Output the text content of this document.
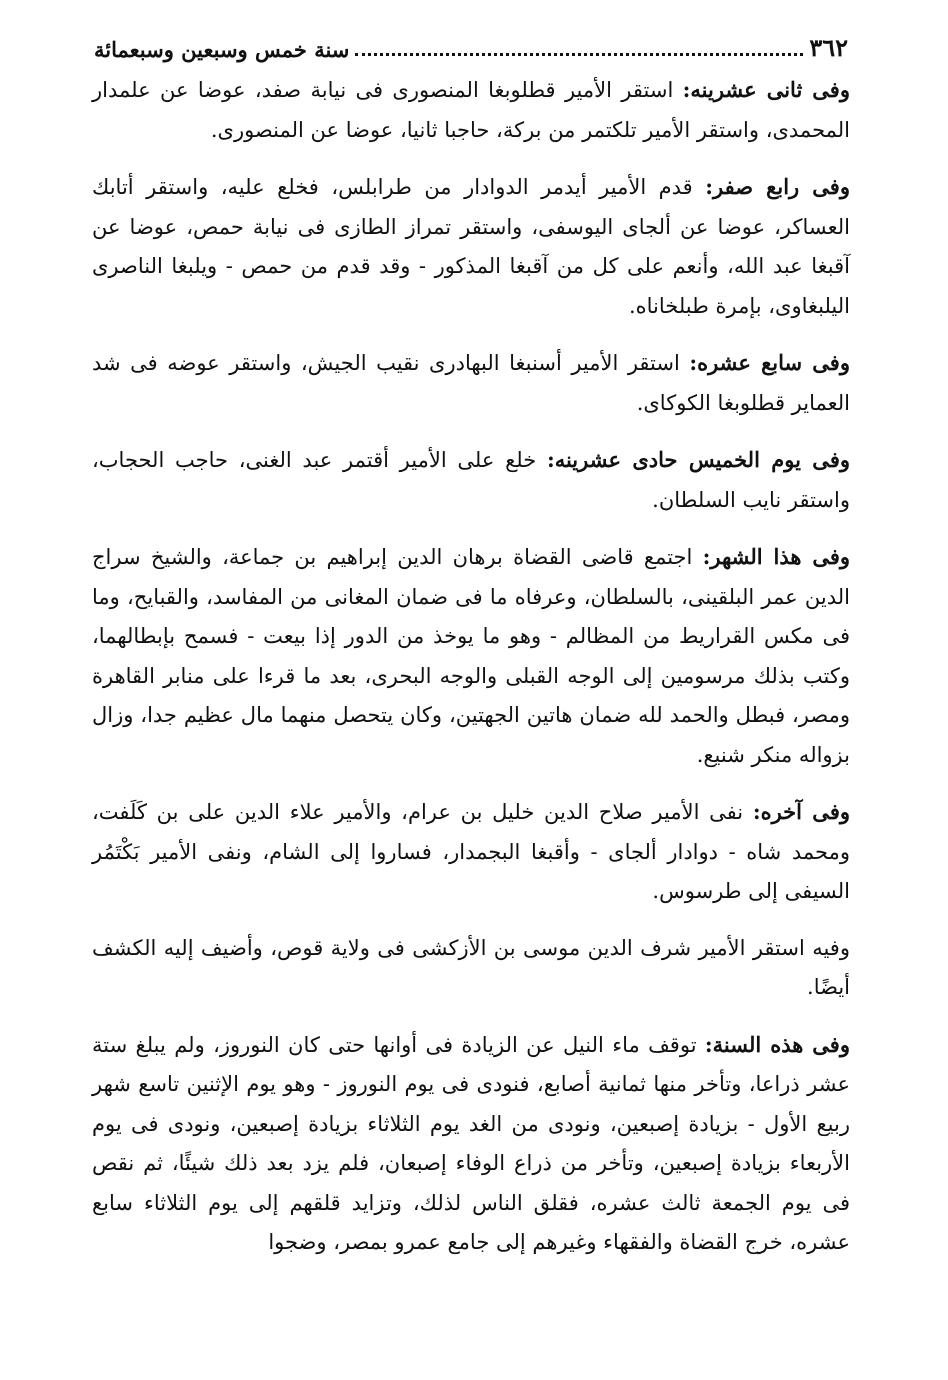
٣٦٢
سنة خمس وسبعين وسبعمائة

وفى ثانى عشرينه: استقر الأمير قطلوبغا المنصورى فى نيابة صفد، عوضا عن علمدار المحمدى، واستقر الأمير تلكتمر من بركة، حاجبا ثانيا، عوضا عن المنصورى.

وفى رابع صفر: قدم الأمير أيدمر الدوادار من طرابلس، فخلع عليه، واستقر أتابك العساكر، عوضا عن ألجاى اليوسفى، واستقر تمراز الطازى فى نيابة حمص، عوضا عن آقبغا عبد الله، وأنعم على كل من آقبغا المذكور - وقد قدم من حمص - ويلبغا الناصرى اليلبغاوى، بإمرة طبلخاناه.

وفى سابع عشره: استقر الأمير أسنبغا البهادرى نقيب الجيش، واستقر عوضه فى شد العماير قطلوبغا الكوكاى.

وفى يوم الخميس حادى عشرينه: خلع على الأمير أقتمر عبد الغنى، حاجب الحجاب، واستقر نايب السلطان.

وفى هذا الشهر: اجتمع قاضى القضاة برهان الدين إبراهيم بن جماعة، والشيخ سراج الدين عمر البلقينى، بالسلطان، وعرفاه ما فى ضمان المغانى من المفاسد، والقبايح، وما فى مكس القراريط من المظالم - وهو ما يوخذ من الدور إذا بيعت - فسمح بإبطالهما، وكتب بذلك مرسومين إلى الوجه القبلى والوجه البحرى، بعد ما قرءا على منابر القاهرة ومصر، فبطل والحمد لله ضمان هاتين الجهتين، وكان يتحصل منهما مال عظيم جدا، وزال بزواله منكر شنيع.

وفى آخره: نفى الأمير صلاح الدين خليل بن عرام، والأمير علاء الدين على بن كَلَفت، ومحمد شاه - دوادار ألجاى - وأقبغا البجمدار، فساروا إلى الشام، ونفى الأمير بَكْتَمُر السيفى إلى طرسوس.

وفيه استقر الأمير شرف الدين موسى بن الأزكشى فى ولاية قوص، وأضيف إليه الكشف أيضًا.

وفى هذه السنة: توقف ماء النيل عن الزيادة فى أوانها حتى كان النوروز، ولم يبلغ ستة عشر ذراعا، وتأخر منها ثمانية أصابع، فنودى فى يوم النوروز - وهو يوم الإثنين تاسع شهر ربيع الأول - بزيادة إصبعين، ونودى من الغد يوم الثلاثاء بزيادة إصبعين، ونودى فى يوم الأربعاء بزيادة إصبعين، وتأخر من ذراع الوفاء إصبعان، فلم يزد بعد ذلك شيئًا، ثم نقص فى يوم الجمعة ثالث عشره، فقلق الناس لذلك، وتزايد قلقهم إلى يوم الثلاثاء سابع عشره، خرج القضاة والفقهاء وغيرهم إلى جامع عمرو بمصر، وضجوا
